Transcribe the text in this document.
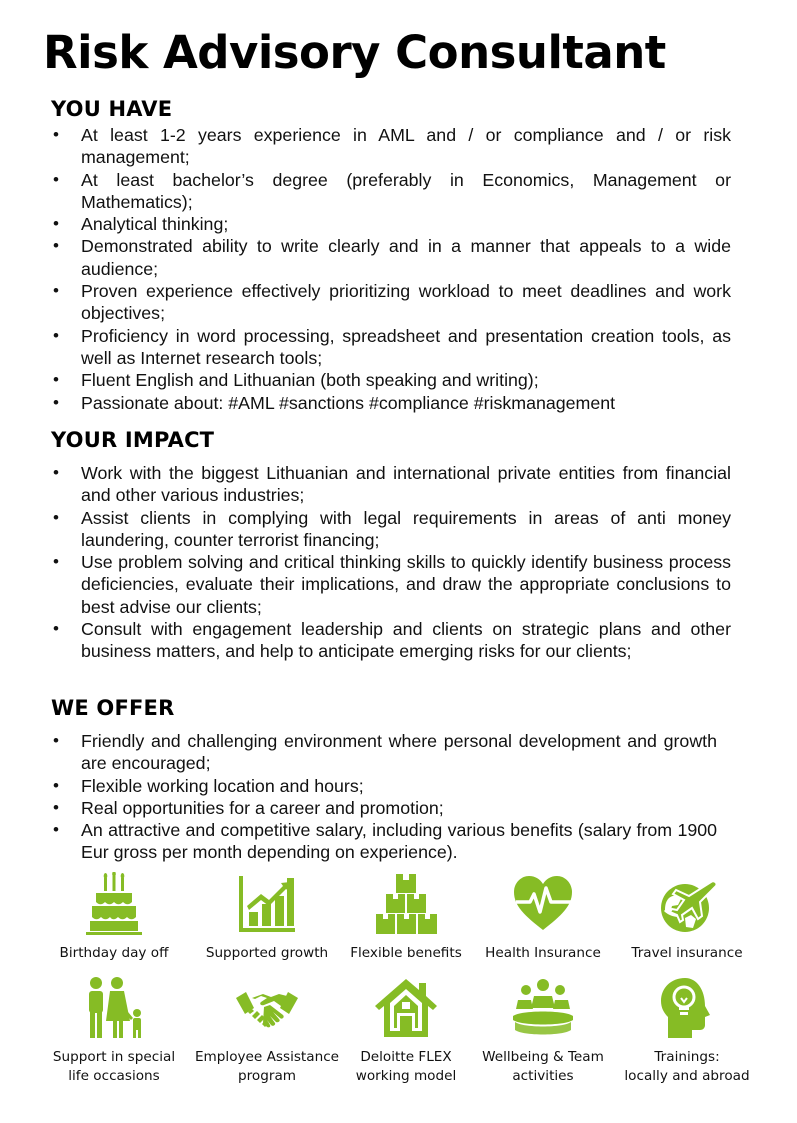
Risk Advisory Consultant
YOU HAVE
• At least 1-2 years experience in AML and / or compliance and / or risk management;
• At least bachelor’s degree (preferably in Economics, Management or Mathematics);
• Analytical thinking;
• Demonstrated ability to write clearly and in a manner that appeals to a wide audience;
• Proven experience effectively prioritizing workload to meet deadlines and work objectives;
• Proficiency in word processing, spreadsheet and presentation creation tools, as well as Internet research tools;
• Fluent English and Lithuanian (both speaking and writing);
• Passionate about: #AML #sanctions #compliance #riskmanagement
YOUR IMPACT
• Work with the biggest Lithuanian and international private entities from financial and other various industries;
• Assist clients in complying with legal requirements in areas of anti money laundering, counter terrorist financing;
• Use problem solving and critical thinking skills to quickly identify business process deficiencies, evaluate their implications, and draw the appropriate conclusions to best advise our clients;
• Consult with engagement leadership and clients on strategic plans and other business matters, and help to anticipate emerging risks for our clients;
WE OFFER
• Friendly and challenging environment where personal development and growth are encouraged;
• Flexible working location and hours;
• Real opportunities for a career and promotion;
• An attractive and competitive salary, including various benefits (salary from 1900 Eur gross per month depending on experience).
Birthday day off	Supported growth	Flexible benefits	Health Insurance	Travel insurance
Support in special
life occasions
Employee Assistance
program
Deloitte FLEX
working model
Wellbeing & Team
activities
Trainings:
locally and abroad
